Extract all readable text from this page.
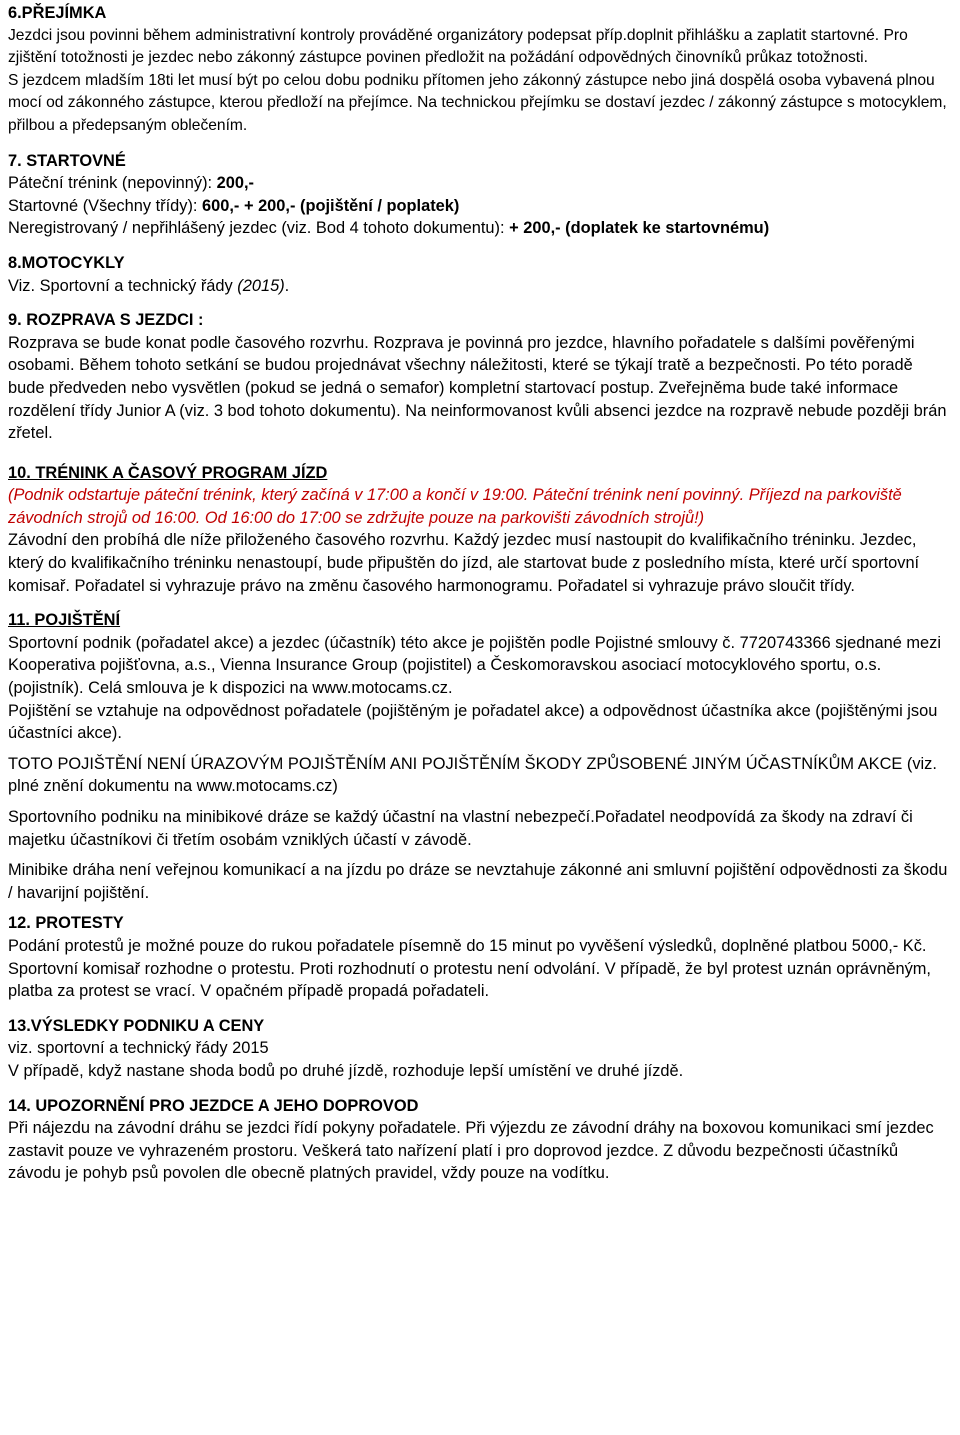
6.PŘEJÍMKA

Jezdci jsou povinni během administrativní kontroly prováděné organizátory podepsat příp.doplnit přihlášku a zaplatit startovné. Pro zjištění totožnosti je jezdec nebo zákonný zástupce povinen předložit na požádání odpovědných činovníků průkaz totožnosti.

S jezdcem mladším 18ti let musí být po celou dobu podniku přítomen jeho zákonný zástupce nebo jiná dospělá osoba vybavená plnou mocí od zákonného zástupce, kterou předloží na přejímce. Na technickou přejímku se dostaví jezdec / zákonný zástupce s motocyklem, přilbou a předepsaným oblečením.

7. STARTOVNÉ

Páteční trénink (nepovinný): 200,-

Startovné (Všechny třídy): 600,- + 200,- (pojištění / poplatek)

Neregistrovaný / nepřihlášený jezdec (viz. Bod 4 tohoto dokumentu): + 200,- (doplatek ke startovnému)

8.MOTOCYKLY

Viz. Sportovní a technický řády (2015).

9. ROZPRAVA S JEZDCI :

Rozprava se bude konat podle časového rozvrhu. Rozprava je povinná pro jezdce, hlavního pořadatele s dalšími pověřenými osobami. Během tohoto setkání se budou projednávat všechny náležitosti, které se týkají tratě a bezpečnosti. Po této poradě bude předveden nebo vysvětlen (pokud se jedná o semafor) kompletní startovací postup. Zveřejněma bude také informace rozdělení třídy Junior A (viz. 3 bod tohoto dokumentu). Na neinformovanost kvůli absenci jezdce na rozpravě nebude později brán zřetel.

10. TRÉNINK A ČASOVÝ PROGRAM JÍZD

(Podnik odstartuje páteční trénink, který začíná v 17:00 a končí v 19:00. Páteční trénink není povinný. Příjezd na parkoviště závodních strojů od 16:00. Od 16:00 do 17:00 se zdržujte pouze na parkovišti závodních strojů!)

Závodní den probíhá dle níže přiloženého časového rozvrhu. Každý jezdec musí nastoupit do kvalifikačního tréninku. Jezdec, který do kvalifikačního tréninku nenastoupí, bude připuštěn do jízd, ale startovat bude z posledního místa, které určí sportovní komisař. Pořadatel si vyhrazuje právo na změnu časového harmonogramu. Pořadatel si vyhrazuje právo sloučit třídy.

11. POJIŠTĚNÍ

Sportovní podnik (pořadatel akce) a jezdec (účastník) této akce je pojištěn podle Pojistné smlouvy č. 7720743366 sjednané mezi Kooperativa pojišťovna, a.s., Vienna Insurance Group (pojistitel) a Českomoravskou asociací motocyklového sportu, o.s. (pojistník). Celá smlouva je k dispozici na www.motocams.cz.

Pojištění se vztahuje na odpovědnost pořadatele (pojištěným je pořadatel akce) a odpovědnost účastníka akce (pojištěnými jsou účastníci akce).

TOTO POJIŠTĚNÍ NENÍ ÚRAZOVÝM POJIŠTĚNÍM ANI POJIŠTĚNÍM ŠKODY ZPŮSOBENÉ JINÝM ÚČASTNÍKŮM AKCE (viz. plné znění dokumentu na www.motocams.cz)

Sportovního podniku na minibikové dráze se každý účastní na vlastní nebezpečí.Pořadatel neodpovídá za škody na zdraví či majetku účastníkovi či třetím osobám vzniklých účastí v závodě.

Minibike dráha není veřejnou komunikací a na jízdu po dráze se nevztahuje zákonné ani smluvní pojištění odpovědnosti za škodu / havarijní pojištění.

12. PROTESTY

Podání protestů je možné pouze do rukou pořadatele písemně do 15 minut po vyvěšení výsledků, doplněné platbou 5000,- Kč. Sportovní komisař rozhodne o protestu. Proti rozhodnutí o protestu není odvolání. V případě, že byl protest uznán oprávněným, platba za protest se vrací. V opačném případě propadá pořadateli.

13.VÝSLEDKY PODNIKU A CENY

viz. sportovní a technický řády 2015

V případě, když nastane shoda bodů po druhé jízdě, rozhoduje lepší umístění ve druhé jízdě.

14. UPOZORNĚNÍ PRO JEZDCE A JEHO DOPROVOD

Při nájezdu na závodní dráhu se jezdci řídí pokyny pořadatele. Při výjezdu ze závodní dráhy na boxovou komunikaci smí jezdec zastavit pouze ve vyhrazeném prostoru. Veškerá tato nařízení platí i pro doprovod jezdce. Z důvodu bezpečnosti účastníků závodu je pohyb psů povolen dle obecně platných pravidel, vždy pouze na vodítku.
